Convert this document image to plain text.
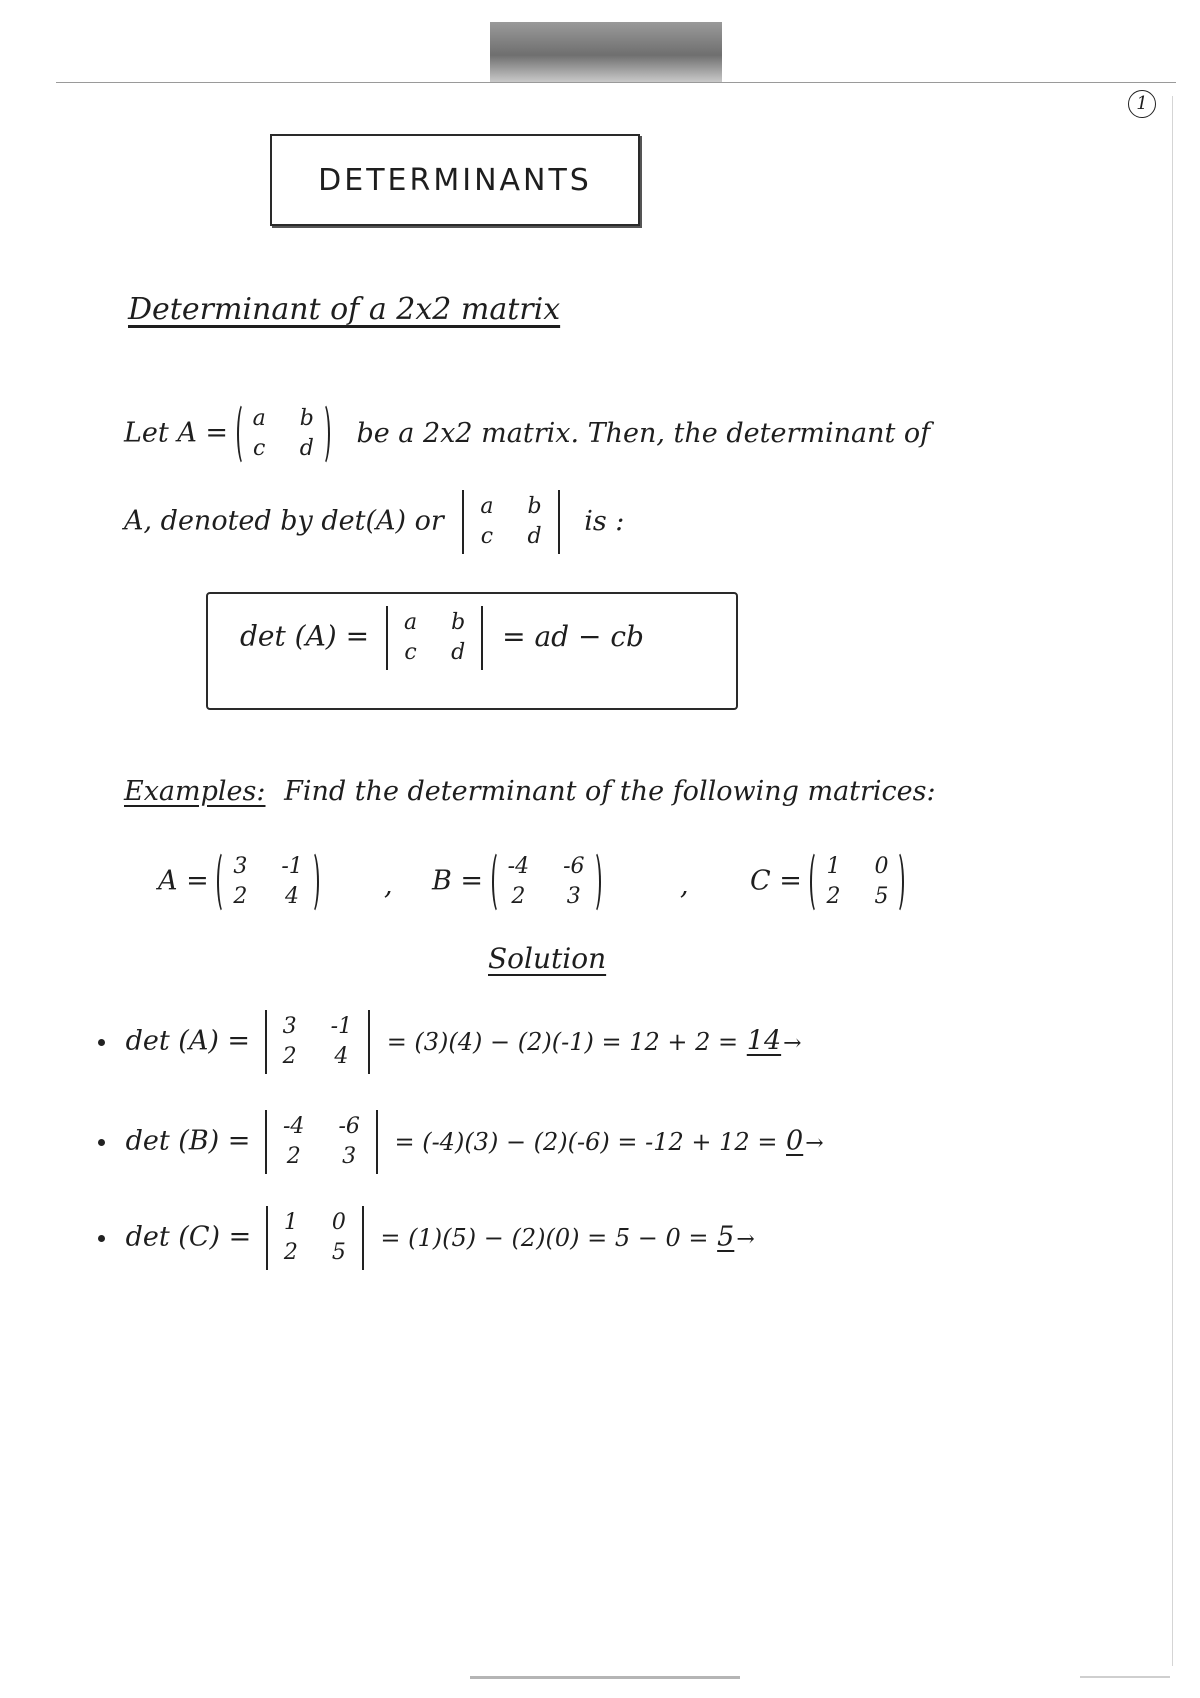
1
DETERMINANTS
Determinant of a 2x2 matrix
Let A = a b
c d be a 2x2 matrix. Then, the determinant of
A, denoted by det(A) or a b
c d is :
det (A) = a b
c d = ad − cb
Examples: Find the determinant of the following matrices:
A = 3 -1
2 4	, B = -4 -6
2 3	, C = 1 0
2 5
Solution
det (A) = 3 -1
2 4
= (3)(4) − (2)(-1) = 12 + 2 = 14→
det (B) = -4 -6
2 3
= (-4)(3) − (2)(-6) = -12 + 12 = 0→
det (C) = 1 0
2 5
= (1)(5) − (2)(0) = 5 − 0 = 5→
